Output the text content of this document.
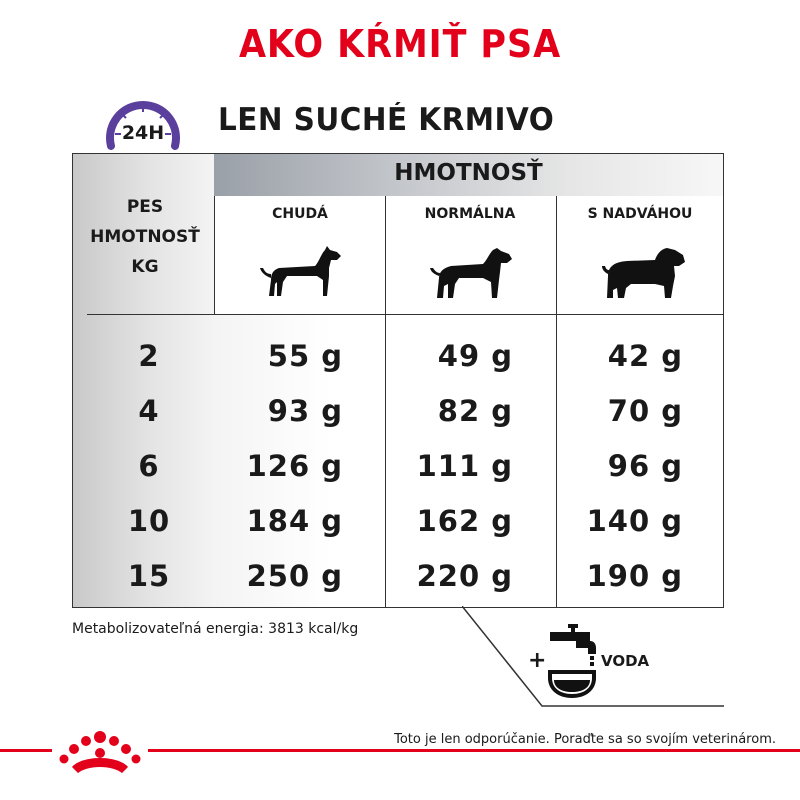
AKO KŔMIŤ PSA
24H LEN SUCHÉ KRMIVO
HMOTNOSŤ
PES
HMOTNOSŤ
KG
CHUDÁ	NORMÁLNA	S NADVÁHOU
2	55 g	49 g	42 g
4	93 g	82 g	70 g
6	126 g	111 g	96 g
10	184 g	162 g	140 g
15	250 g	220 g	190 g
Metabolizovateľná energia: 3813 kcal/kg
+	VODA
Toto je len odporúčanie. Poraďte sa so svojím veterinárom.
